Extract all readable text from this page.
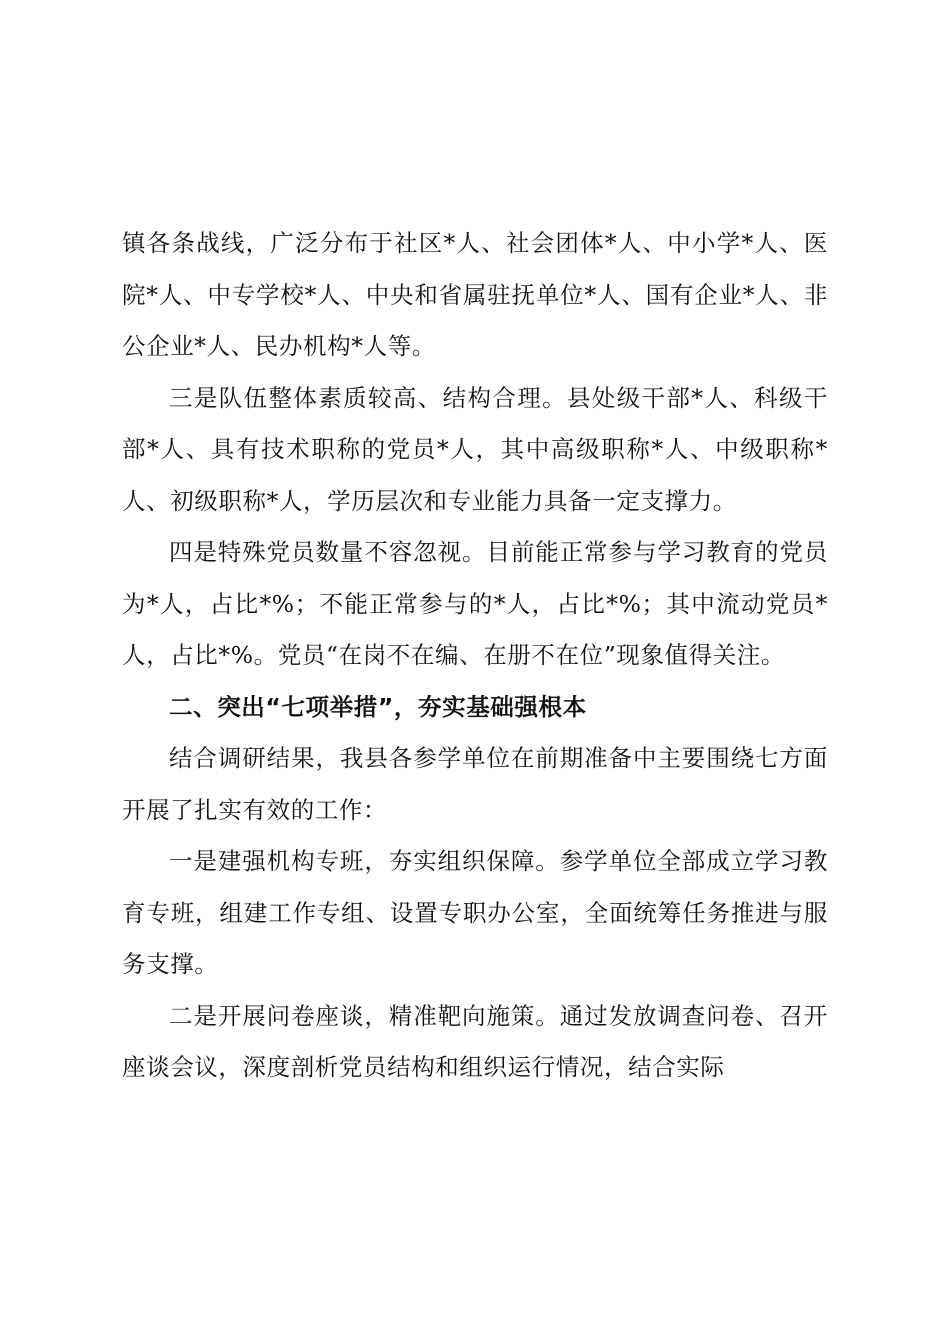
镇各条战线，广泛分布于社区*人、社会团体*人、中小学*人、医院*人、中专学校*人、中央和省属驻抚单位*人、国有企业*人、非公企业*人、民办机构*人等。

三是队伍整体素质较高、结构合理。县处级干部*人、科级干部*人、具有技术职称的党员*人，其中高级职称*人、中级职称*人、初级职称*人，学历层次和专业能力具备一定支撑力。

四是特殊党员数量不容忽视。目前能正常参与学习教育的党员为*人，占比*%；不能正常参与的*人，占比*%；其中流动党员*人，占比*%。党员“在岗不在编、在册不在位”现象值得关注。

二、突出“七项举措”，夯实基础强根本

结合调研结果，我县各参学单位在前期准备中主要围绕七方面开展了扎实有效的工作：

一是建强机构专班，夯实组织保障。参学单位全部成立学习教育专班，组建工作专组、设置专职办公室，全面统筹任务推进与服务支撑。

二是开展问卷座谈，精准靶向施策。通过发放调查问卷、召开座谈会议，深度剖析党员结构和组织运行情况，结合实际
